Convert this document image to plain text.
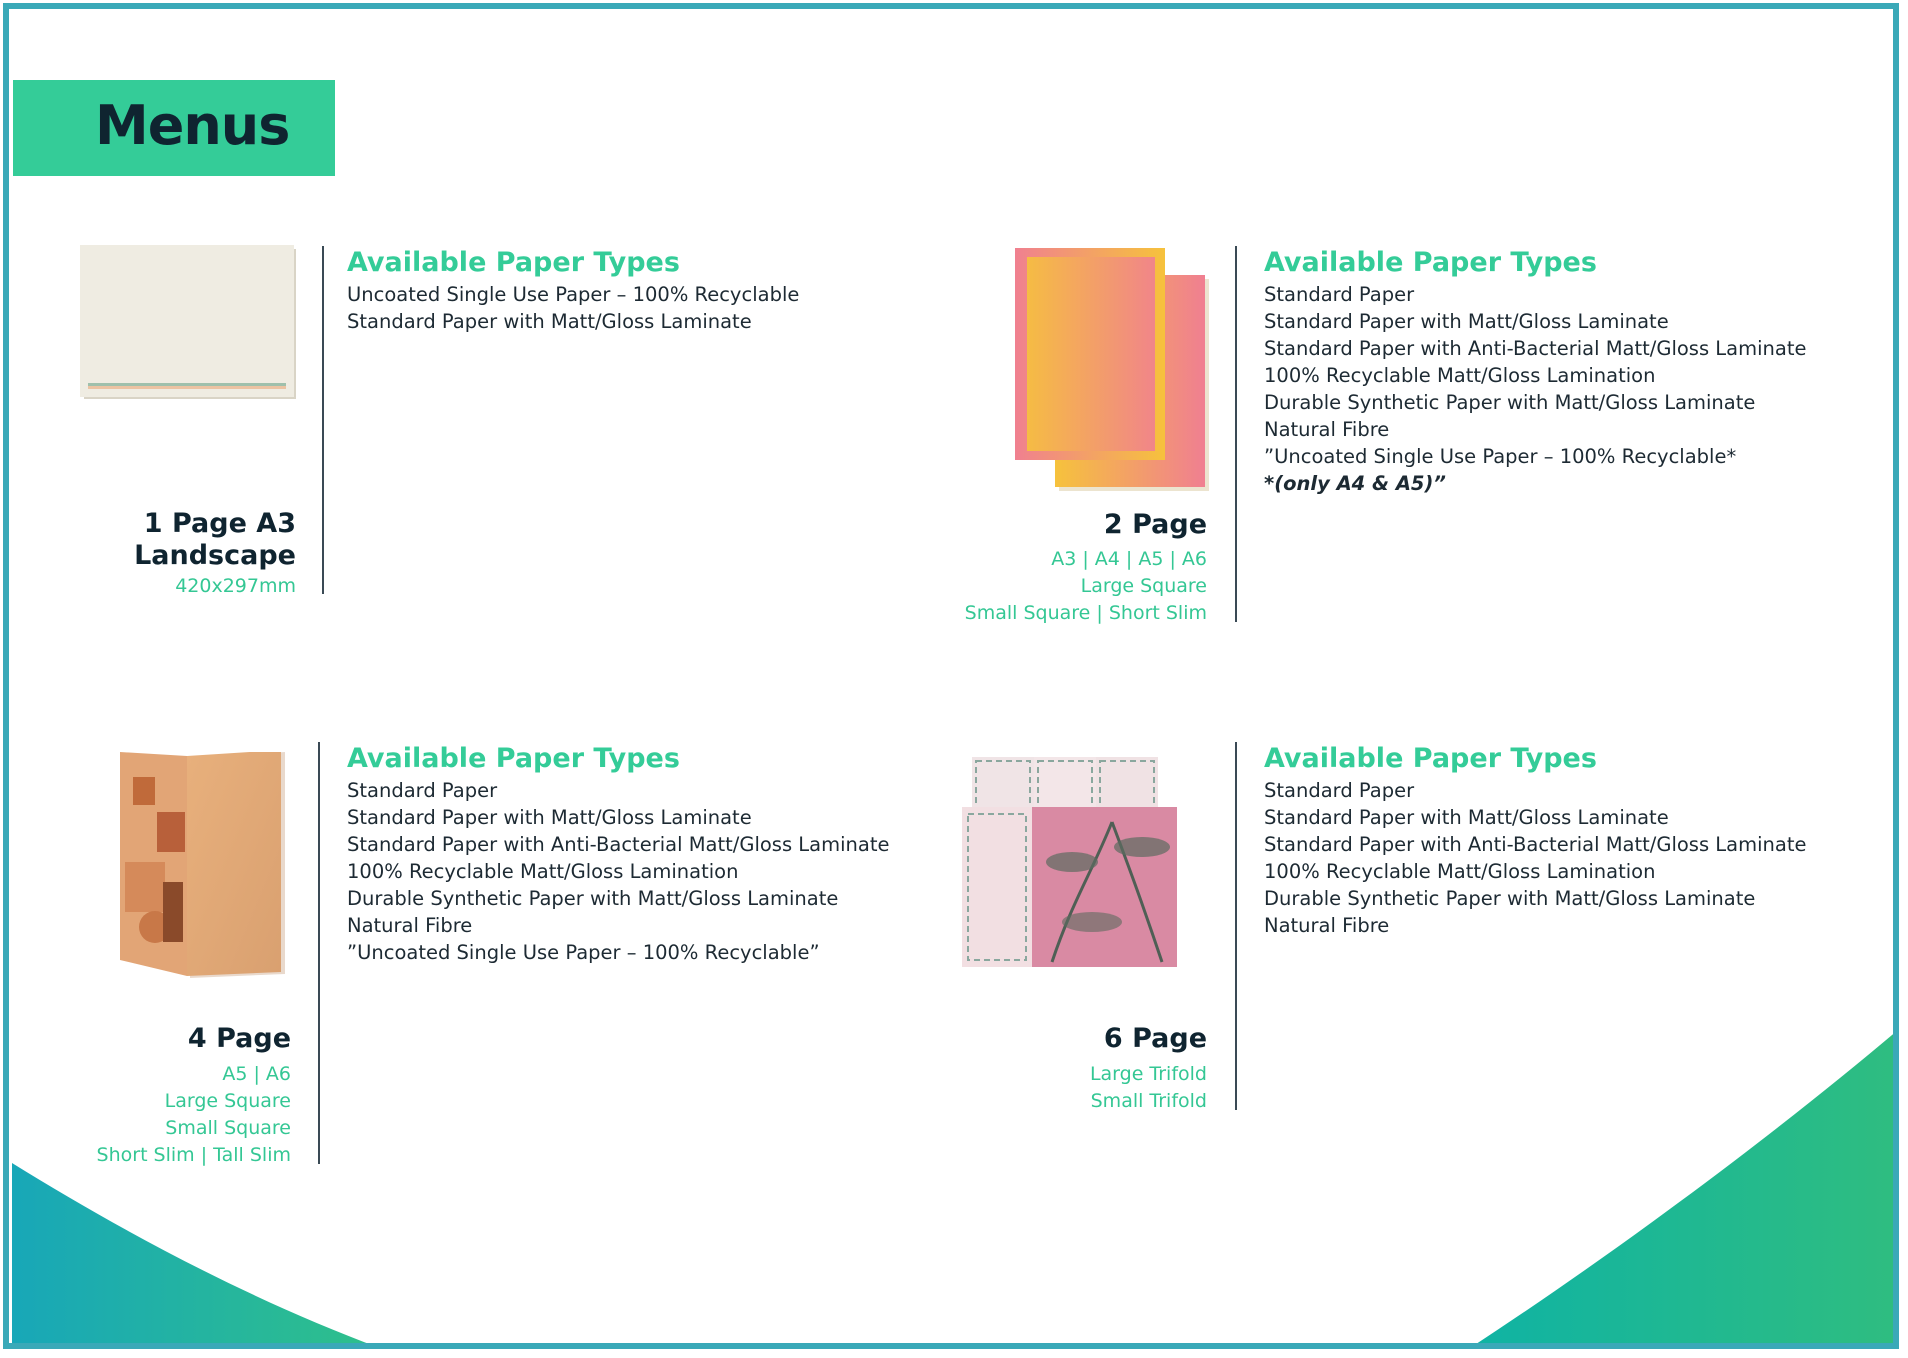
Menus
1 Page A3
Landscape
420x297mm
Available Paper Types
Uncoated Single Use Paper – 100% Recyclable
Standard Paper with Matt/Gloss Laminate
2 Page
A3 | A4 | A5 | A6
Large Square
Small Square | Short Slim
Available Paper Types
Standard Paper
Standard Paper with Matt/Gloss Laminate
Standard Paper with Anti-Bacterial Matt/Gloss Laminate
100% Recyclable Matt/Gloss Lamination
Durable Synthetic Paper with Matt/Gloss Laminate
Natural Fibre
”Uncoated Single Use Paper – 100% Recyclable*
*(only A4 & A5)”
4 Page
A5 | A6
Large Square
Small Square
Short Slim | Tall Slim
Available Paper Types
Standard Paper
Standard Paper with Matt/Gloss Laminate
Standard Paper with Anti-Bacterial Matt/Gloss Laminate
100% Recyclable Matt/Gloss Lamination
Durable Synthetic Paper with Matt/Gloss Laminate
Natural Fibre
”Uncoated Single Use Paper – 100% Recyclable”
6 Page
Large Trifold
Small Trifold
Available Paper Types
Standard Paper
Standard Paper with Matt/Gloss Laminate
Standard Paper with Anti-Bacterial Matt/Gloss Laminate
100% Recyclable Matt/Gloss Lamination
Durable Synthetic Paper with Matt/Gloss Laminate
Natural Fibre
